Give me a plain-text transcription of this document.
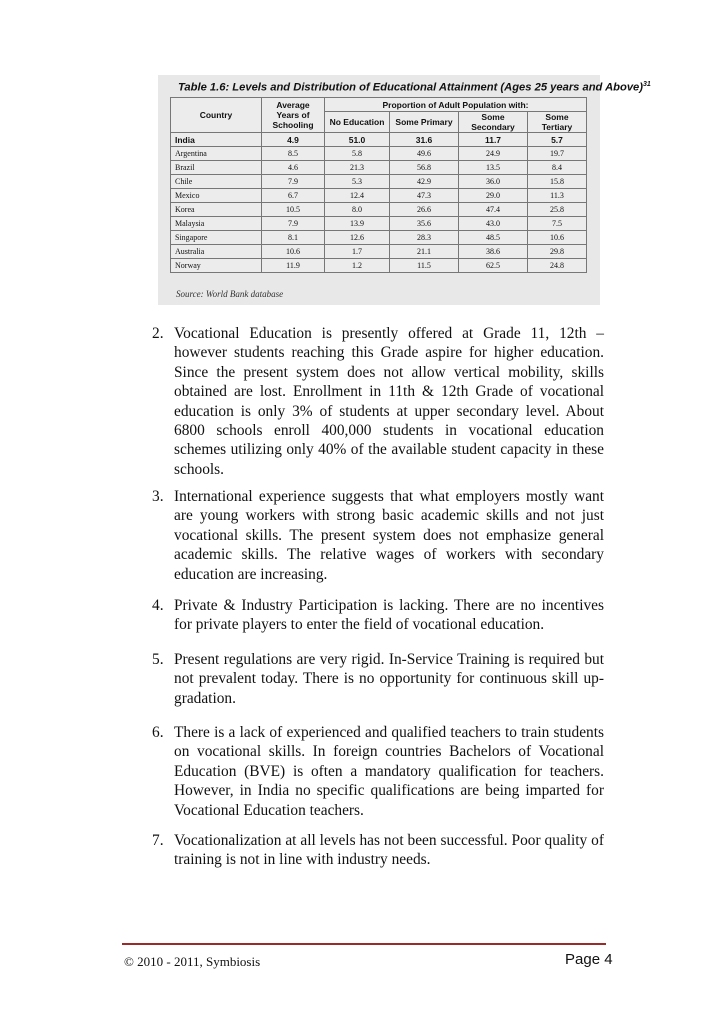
Table 1.6: Levels and Distribution of Educational Attainment (Ages 25 years and Above)$^{31}$
Country	Average Years of Schooling	Proportion of Adult Population with:			
		No Education	Some Primary	Some Secondary	Some Tertiary
India	4.9	51.0	31.6	11.7	5.7
Argentina	8.5	5.8	49.6	24.9	19.7
Brazil	4.6	21.3	56.8	13.5	8.4
Chile	7.9	5.3	42.9	36.0	15.8
Mexico	6.7	12.4	47.3	29.0	11.3
Korea	10.5	8.0	26.6	47.4	25.8
Malaysia	7.9	13.9	35.6	43.0	7.5
Singapore	8.1	12.6	28.3	48.5	10.6
Australia	10.6	1.7	21.1	38.6	29.8
Norway	11.9	1.2	11.5	62.5	24.8
Source: World Bank database
2. Vocational Education is presently offered at Grade 11, 12th – however students reaching this Grade aspire for higher education. Since the present system does not allow vertical mobility, skills obtained are lost. Enrollment in 11th & 12th Grade of vocational education is only 3% of students at upper secondary level. About 6800 schools enroll 400,000 students in vocational education schemes utilizing only 40% of the available student capacity in these schools.
3. International experience suggests that what employers mostly want are young workers with strong basic academic skills and not just vocational skills. The present system does not emphasize general academic skills. The relative wages of workers with secondary education are increasing.
4. Private & Industry Participation is lacking. There are no incentives for private players to enter the field of vocational education.
5. Present regulations are very rigid. In-Service Training is required but not prevalent today. There is no opportunity for continuous skill up-gradation.
6. There is a lack of experienced and qualified teachers to train students on vocational skills. In foreign countries Bachelors of Vocational Education (BVE) is often a mandatory qualification for teachers. However, in India no specific qualifications are being imparted for Vocational Education teachers.
7. Vocationalization at all levels has not been successful. Poor quality of training is not in line with industry needs.
© 2010 - 2011, Symbiosis	Page 4
